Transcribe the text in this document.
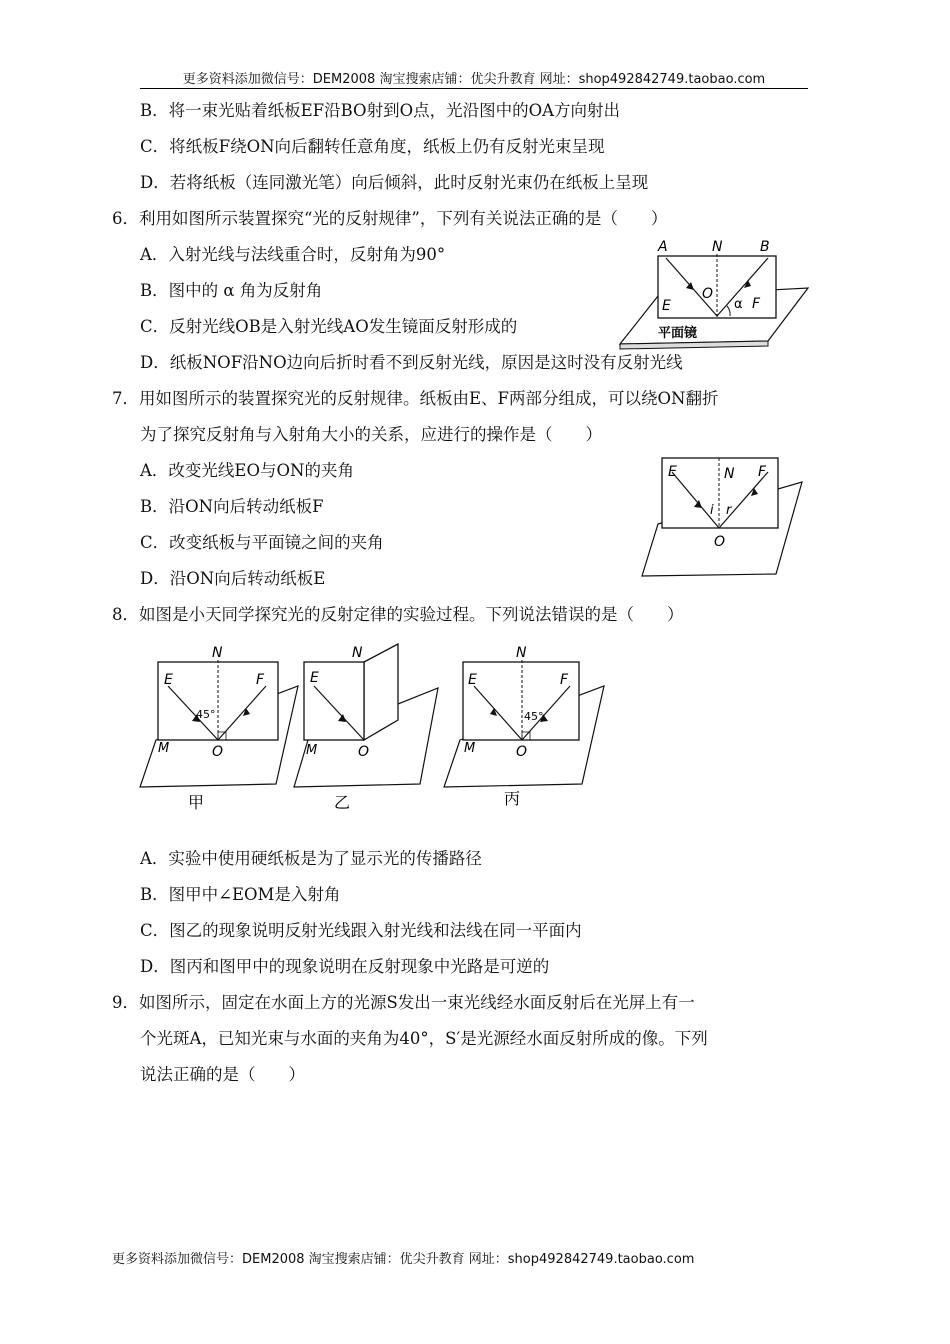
更多资料添加微信号：DEM2008 淘宝搜索店铺：优尖升教育 网址：shop492842749.taobao.com
B．将一束光贴着纸板EF沿BO射到O点，光沿图中的OA方向射出
C．将纸板F绕ON向后翻转任意角度，纸板上仍有反射光束呈现
D．若将纸板（连同激光笔）向后倾斜，此时反射光束仍在纸板上呈现
6．利用如图所示装置探究“光的反射规律”，下列有关说法正确的是（　　）
A．入射光线与法线重合时，反射角为90°
B．图中的 α 角为反射角
C．反射光线OB是入射光线AO发生镜面反射形成的
A	N	B
O
E	F
α
平面镜
D．纸板NOF沿NO边向后折时看不到反射光线，原因是这时没有反射光线
7．用如图所示的装置探究光的反射规律。纸板由E、F两部分组成，可以绕ON翻折
为了探究反射角与入射角大小的关系，应进行的操作是（　　）
A．改变光线EO与ON的夹角
B．沿ON向后转动纸板F
C．改变纸板与平面镜之间的夹角
D．沿ON向后转动纸板E
E	N F
i r
O
8．如图是小天同学探究光的反射定律的实验过程。下列说法错误的是（　　）
N
E	F
45°
M	O
甲
N
E
M	O
乙
N
E	F
45°
M	O
丙
A．实验中使用硬纸板是为了显示光的传播路径
B．图甲中∠EOM是入射角
C．图乙的现象说明反射光线跟入射光线和法线在同一平面内
D．图丙和图甲中的现象说明在反射现象中光路是可逆的
9．如图所示，固定在水面上方的光源S发出一束光线经水面反射后在光屏上有一
个光斑A，已知光束与水面的夹角为40°，S′是光源经水面反射所成的像。下列
说法正确的是（　　）
更多资料添加微信号：DEM2008 淘宝搜索店铺：优尖升教育 网址：shop492842749.taobao.com
